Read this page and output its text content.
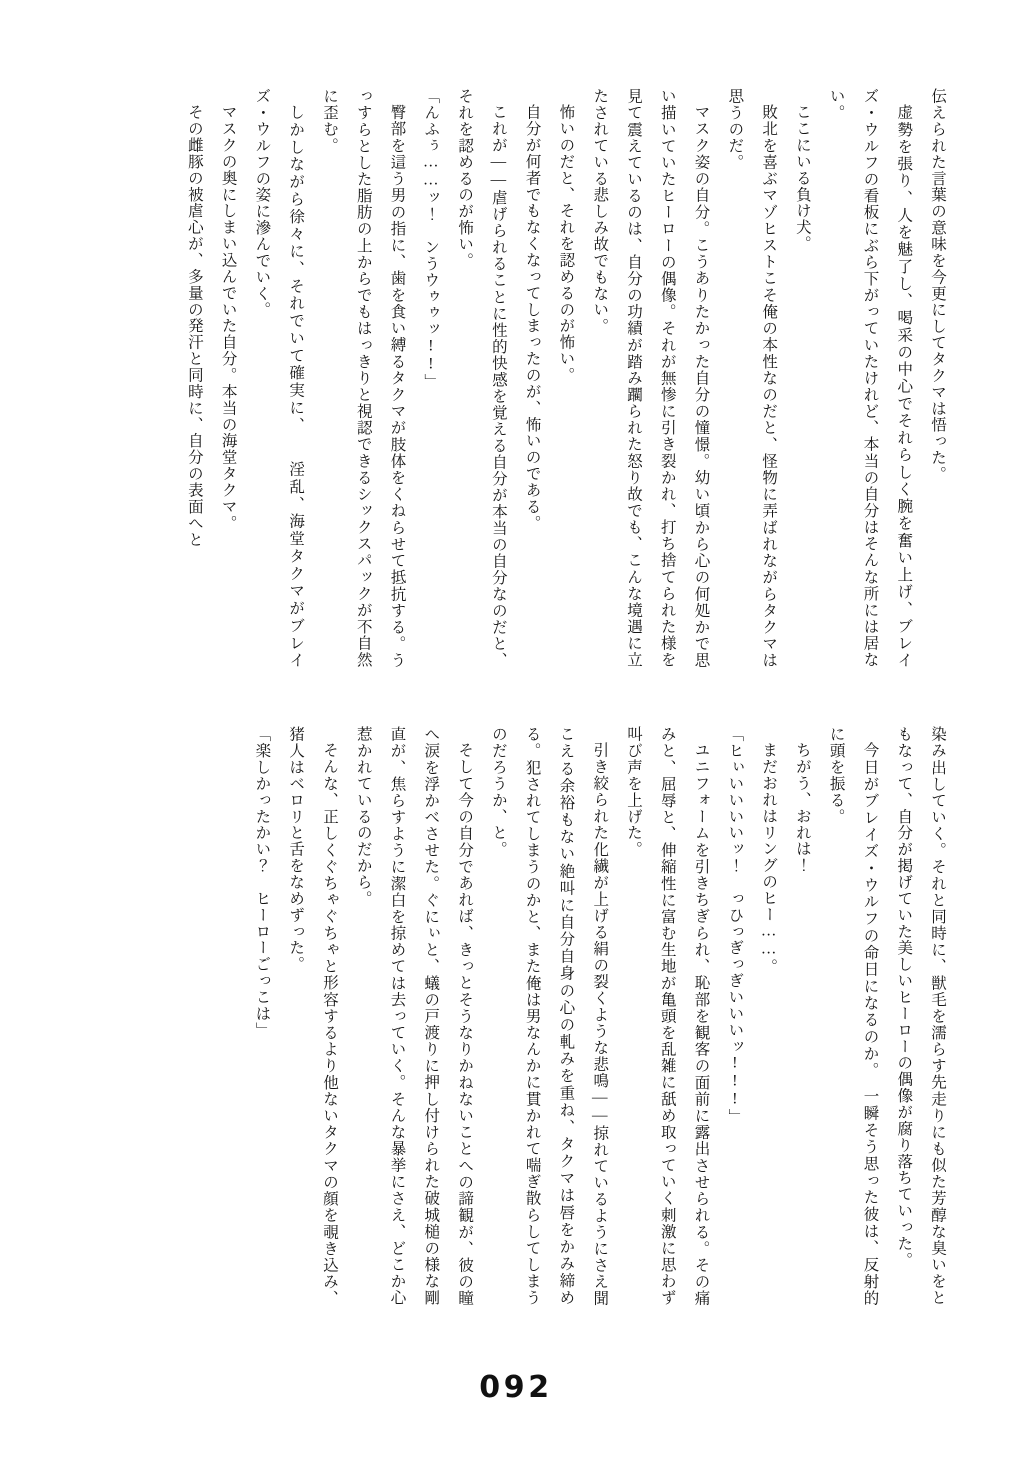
伝えられた言葉の意味を今更にしてタクマは悟った。

虚勢を張り、人を魅了し、喝采の中心でそれらしく腕を奮い上げ、ブレイズ・ウルフの看板にぶら下がっていたけれど、本当の自分はそんな所には居ない。

ここにいる負け犬。

敗北を喜ぶマゾヒストこそ俺の本性なのだと、怪物に弄ばれながらタクマは思うのだ。

マスク姿の自分。こうありたかった自分の憧憬。幼い頃から心の何処かで思い描いていたヒーローの偶像。それが無惨に引き裂かれ、打ち捨てられた様を見て震えているのは、自分の功績が踏み躙られた怒り故でも、こんな境遇に立たされている悲しみ故でもない。

怖いのだと、それを認めるのが怖い。

自分が何者でもなくなってしまったのが、怖いのである。

これが——虐げられることに性的快感を覚える自分が本当の自分なのだと、それを認めるのが怖い。

「んふぅ……ッ！　ンうウゥゥッ!!」

臀部を這う男の指に、歯を食い縛るタクマが肢体をくねらせて抵抗する。うっすらとした脂肪の上からでもはっきりと視認できるシックスパックが不自然に歪む。

しかしながら徐々に、それでいて確実に、　　淫乱、海堂タクマがブレイズ・ウルフの姿に滲んでいく。

マスクの奥にしまい込んでいた自分。本当の海堂タクマ。

その雌豚の被虐心が、多量の発汗と同時に、自分の表面へと

染み出していく。それと同時に、獣毛を濡らす先走りにも似た芳醇な臭いをともなって、自分が掲げていた美しいヒーローの偶像が腐り落ちていった。

今日がブレイズ・ウルフの命日になるのか。　一瞬そう思った彼は、反射的に頭を振る。

ちがう、おれは！

まだおれはリングのヒー……。

「ヒぃいいいいッ！　っひっぎっぎいいいッ!!!」

ユニフォームを引きちぎられ、恥部を観客の面前に露出させられる。その痛みと、屈辱と、伸縮性に富む生地が亀頭を乱雑に舐め取っていく刺激に思わず叫び声を上げた。

引き絞られた化繊が上げる絹の裂くような悲鳴——掠れているようにさえ聞こえる余裕もない絶叫に自分自身の心の軋みを重ね、タクマは唇をかみ締める。犯されてしまうのかと、また俺は男なんかに貫かれて喘ぎ散らしてしまうのだろうか、と。

そして今の自分であれば、きっとそうなりかねないことへの諦観が、彼の瞳へ涙を浮かべさせた。ぐにぃと、蟻の戸渡りに押し付けられた破城槌の様な剛直が、焦らすように潔白を掠めては去っていく。そんな暴挙にさえ、どこか心惹かれているのだから。

そんな、正しくぐちゃぐちゃと形容するより他ないタクマの顔を覗き込み、猪人はベロリと舌をなめずった。

「楽しかったかい？　ヒーローごっこは」

092
